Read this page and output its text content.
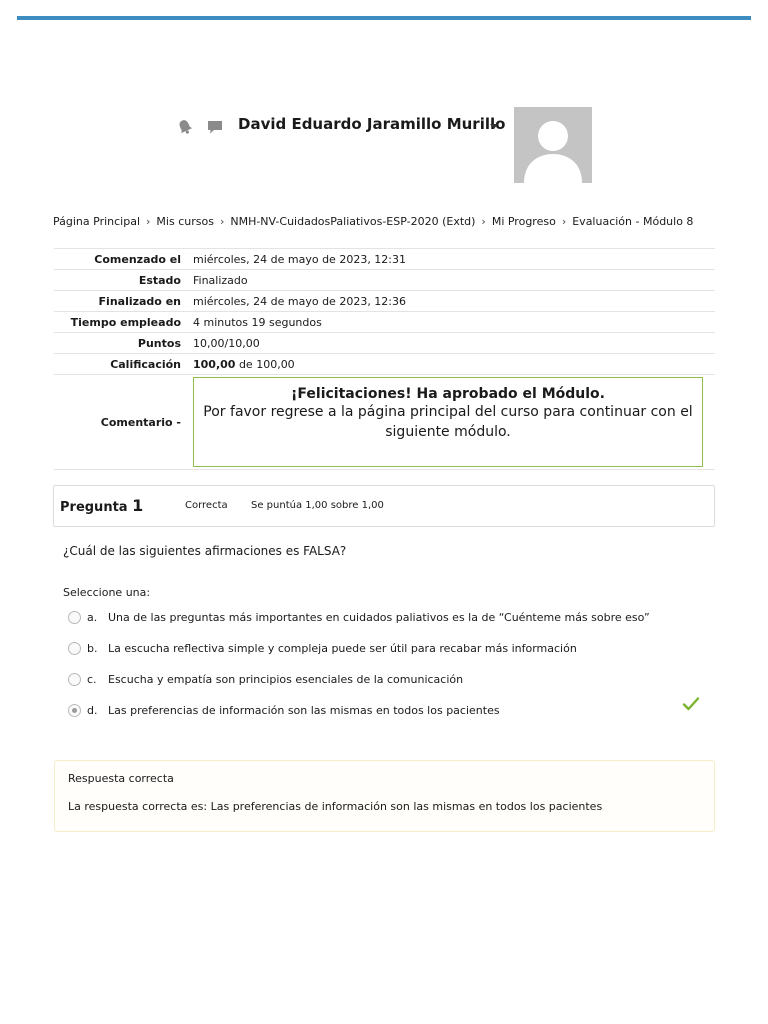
David Eduardo Jaramillo Murillo
Página Principal › Mis cursos › NMH-NV-CuidadosPaliativos-ESP-2020 (Extd) › Mi Progreso › Evaluación - Módulo 8
Comenzado el	miércoles, 24 de mayo de 2023, 12:31
Estado	Finalizado
Finalizado en	miércoles, 24 de mayo de 2023, 12:36
Tiempo empleado	4 minutos 19 segundos
Puntos	10,00/10,00
Calificación	100,00 de 100,00
Comentario -	¡Felicitaciones! Ha aprobado el Módulo.
Por favor regrese a la página principal del curso para continuar con el siguiente módulo.
Pregunta 1	Correcta Se puntúa 1,00 sobre 1,00
¿Cuál de las siguientes afirmaciones es FALSA?
Seleccione una:
a. Una de las preguntas más importantes en cuidados paliativos es la de “Cuénteme más sobre eso”
b. La escucha reflectiva simple y compleja puede ser útil para recabar más información
c.	Escucha y empatía son principios esenciales de la comunicación
d. Las preferencias de información son las mismas en todos los pacientes
Respuesta correcta
La respuesta correcta es: Las preferencias de información son las mismas en todos los pacientes
